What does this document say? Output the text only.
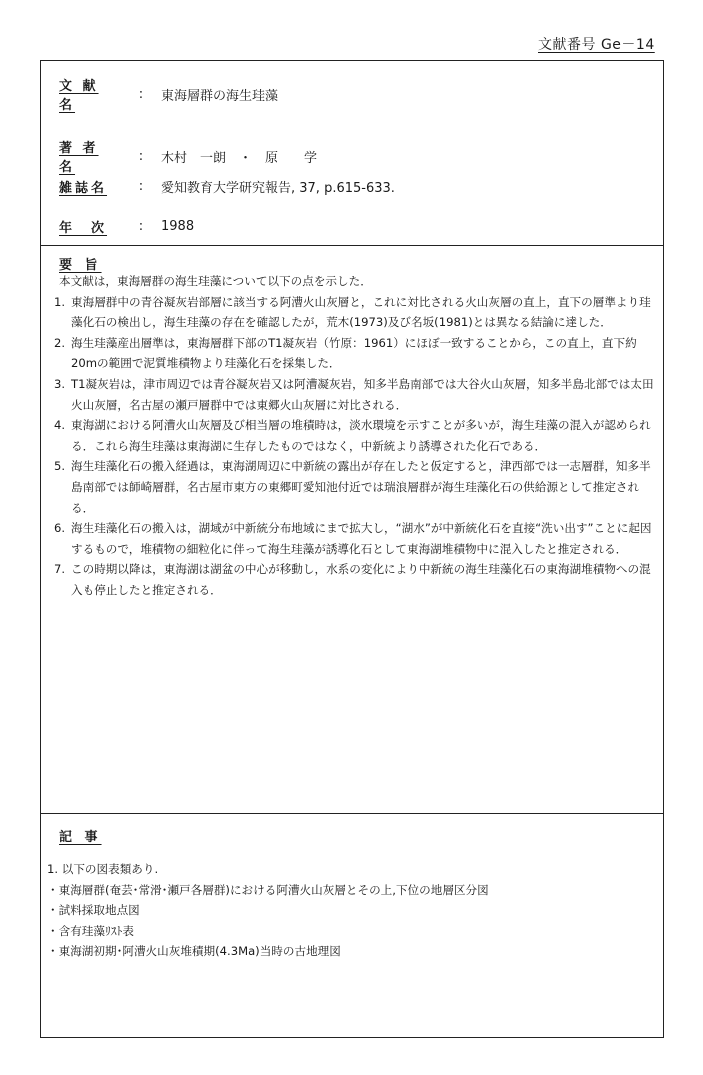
文献番号 Ge－14
文 献 名
:	東海層群の海生珪藻
著 者 名
:	木村　一朗　・　原　　学
雑誌名	:	愛知教育大学研究報告, 37, p.615-633.
年　次	:	1988
要 旨
本文献は，東海層群の海生珪藻について以下の点を示した．
1. 東海層群中の青谷凝灰岩部層に該当する阿漕火山灰層と，これに対比される火山灰層の直上，直下の層準より珪藻化石の検出し，海生珪藻の存在を確認したが，荒木(1973)及び名坂(1981)とは異なる結論に達した．
2. 海生珪藻産出層準は，東海層群下部のT1凝灰岩（竹原：1961）にほぼ一致することから，この直上，直下約20mの範囲で泥質堆積物より珪藻化石を採集した．
3. T1凝灰岩は，津市周辺では青谷凝灰岩又は阿漕凝灰岩，知多半島南部では大谷火山灰層，知多半島北部では太田火山灰層，名古屋の瀬戸層群中では東郷火山灰層に対比される．
4. 東海湖における阿漕火山灰層及び相当層の堆積時は，淡水環境を示すことが多いが，海生珪藻の混入が認められる．これら海生珪藻は東海湖に生存したものではなく，中新統より誘導された化石である．
5. 海生珪藻化石の搬入経過は，東海湖周辺に中新統の露出が存在したと仮定すると，津西部では一志層群，知多半島南部では師崎層群，名古屋市東方の東郷町愛知池付近では瑞浪層群が海生珪藻化石の供給源として推定される．
6. 海生珪藻化石の搬入は，湖域が中新統分布地域にまで拡大し，“湖水”が中新統化石を直接“洗い出す”ことに起因するもので，堆積物の細粒化に伴って海生珪藻が誘導化石として東海湖堆積物中に混入したと推定される．
7. この時期以降は，東海湖は湖盆の中心が移動し，水系の変化により中新統の海生珪藻化石の東海湖堆積物への混入も停止したと推定される．
記 事
1. 以下の図表類あり.
・東海層群(奄芸･常滑･瀬戸各層群)における阿漕火山灰層とその上,下位の地層区分図
・試料採取地点図
・含有珪藻ﾘｽﾄ表
・東海湖初期･阿漕火山灰堆積期(4.3Ma)当時の古地理図
